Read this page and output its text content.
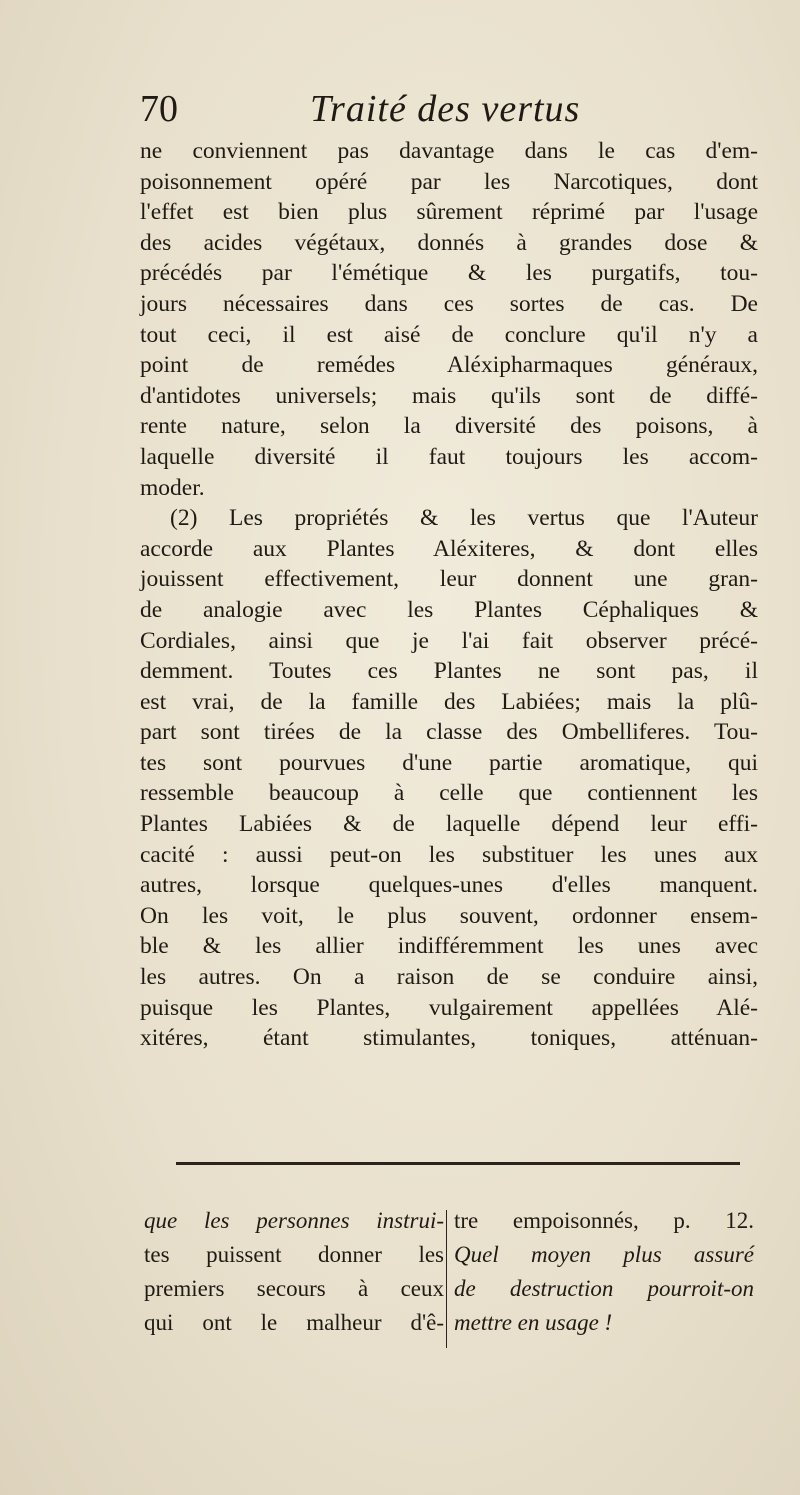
70	Traité des vertus
ne conviennent pas davantage dans le cas d'em-
poisonnement opéré par les Narcotiques, dont
l'effet est bien plus sûrement réprimé par l'usage
des acides végétaux, donnés à grandes dose &
précédés par l'émétique & les purgatifs, tou-
jours nécessaires dans ces sortes de cas. De
tout ceci, il est aisé de conclure qu'il n'y a
point de remédes Aléxipharmaques généraux,
d'antidotes universels; mais qu'ils sont de diffé-
rente nature, selon la diversité des poisons, à
laquelle diversité il faut toujours les accom-
moder.
(2) Les propriétés & les vertus que l'Auteur
accorde aux Plantes Aléxiteres, & dont elles
jouissent effectivement, leur donnent une gran-
de analogie avec les Plantes Céphaliques &
Cordiales, ainsi que je l'ai fait observer précé-
demment. Toutes ces Plantes ne sont pas, il
est vrai, de la famille des Labiées; mais la plû-
part sont tirées de la classe des Ombelliferes. Tou-
tes sont pourvues d'une partie aromatique, qui
ressemble beaucoup à celle que contiennent les
Plantes Labiées & de laquelle dépend leur effi-
cacité : aussi peut-on les substituer les unes aux
autres, lorsque quelques-unes d'elles manquent.
On les voit, le plus souvent, ordonner ensem-
ble & les allier indifféremment les unes avec
les autres. On a raison de se conduire ainsi,
puisque les Plantes, vulgairement appellées Alé-
xitéres, étant stimulantes, toniques, atténuan-
que les personnes instrui-
tes puissent donner les
premiers secours à ceux
qui ont le malheur d'ê-
tre empoisonnés, p. 12.
Quel moyen plus assuré
de destruction pourroit-on
mettre en usage !
